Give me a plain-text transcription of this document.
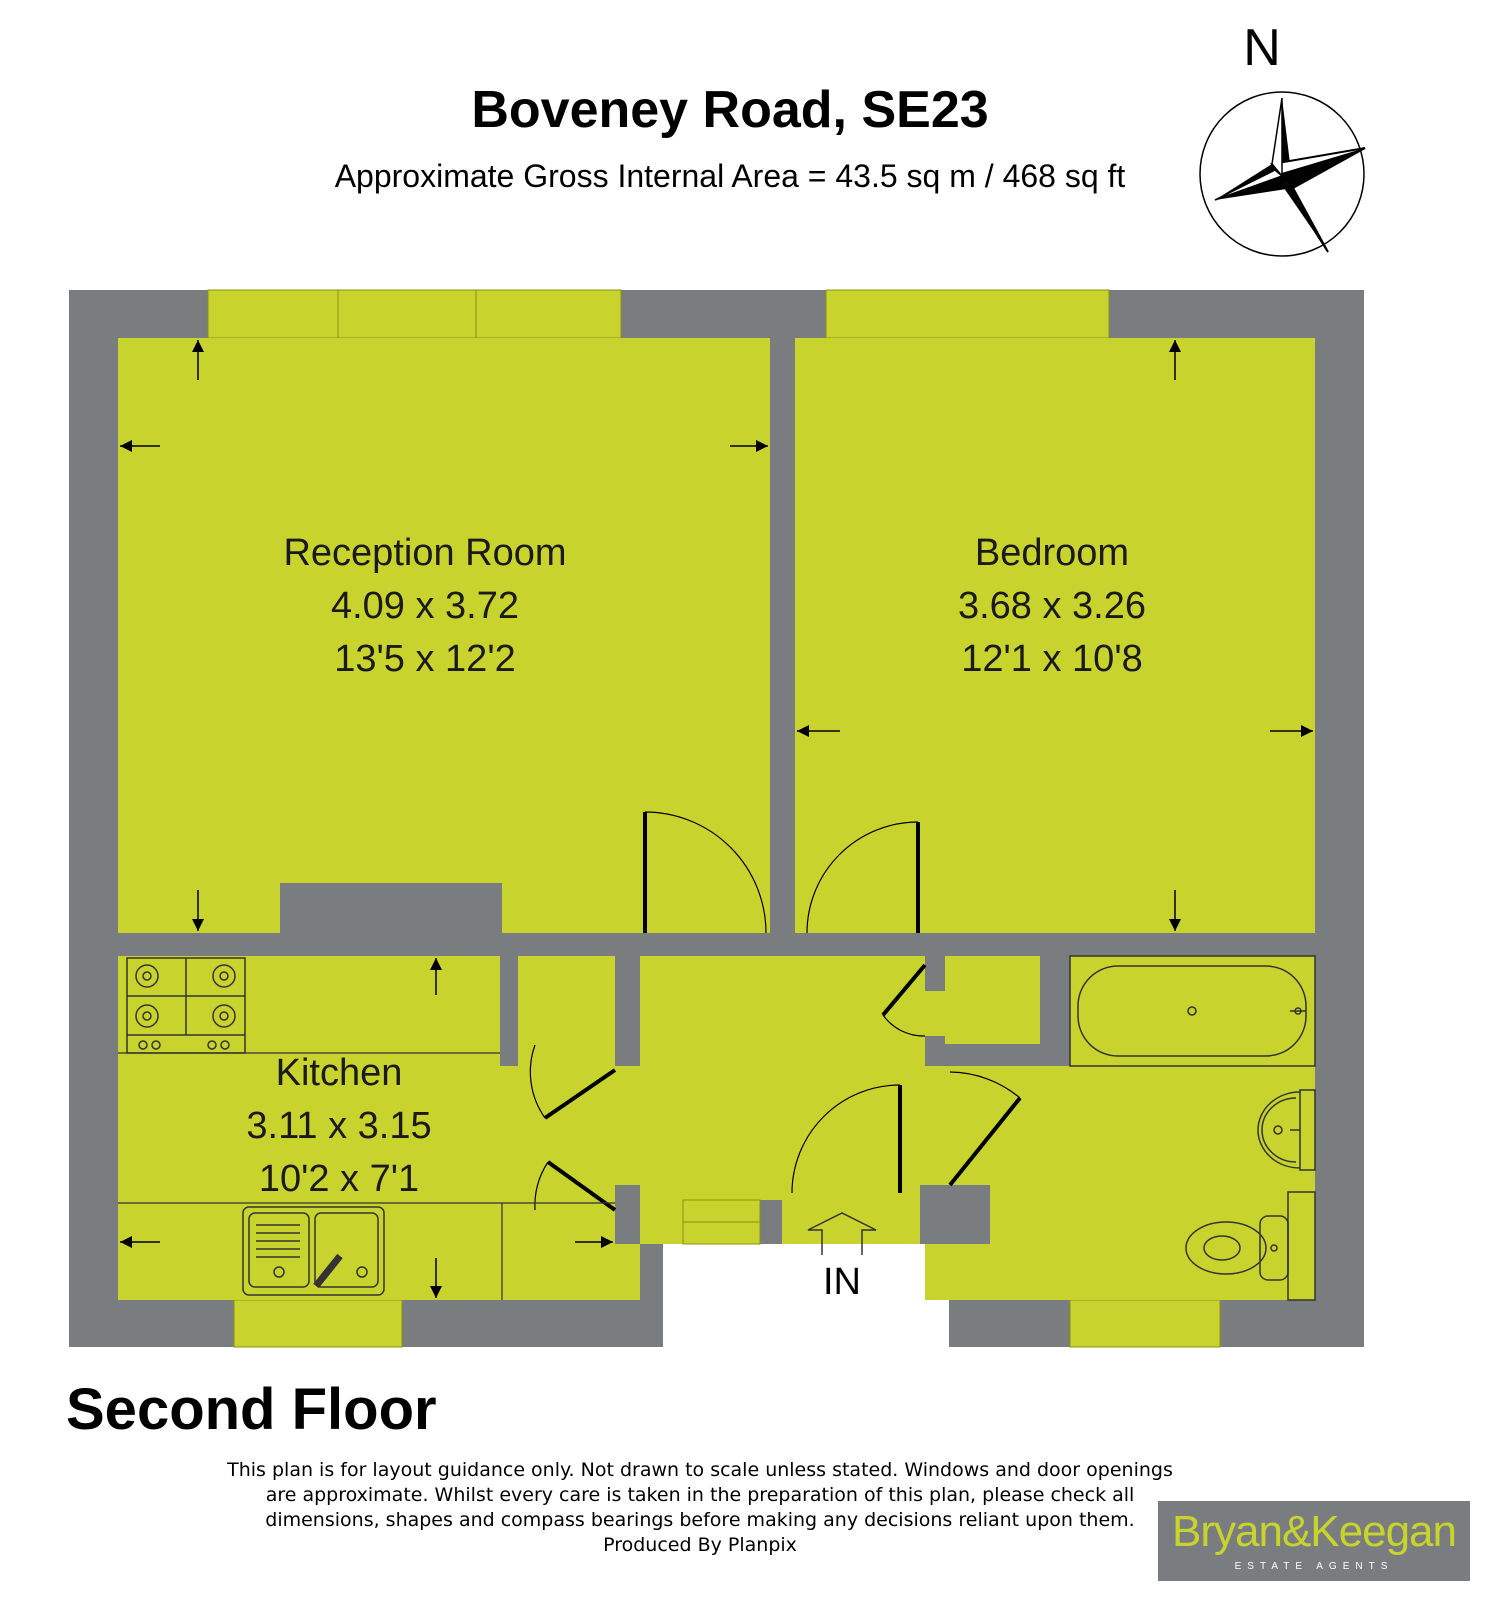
Boveney Road, SE23
Approximate Gross Internal Area = 43.5 sq m / 468 sq ft
N
IN
Reception Room
4.09 x 3.72
13'5 x 12'2
Bedroom
3.68 x 3.26
12'1 x 10'8
Kitchen
3.11 x 3.15
10'2 x 7'1
Second Floor
This plan is for layout guidance only. Not drawn to scale unless stated. Windows and door openings
are approximate. Whilst every care is taken in the preparation of this plan, please check all
dimensions, shapes and compass bearings before making any decisions reliant upon them.
Produced By Planpix	Bryan&Keegan
ESTATE AGENTS
